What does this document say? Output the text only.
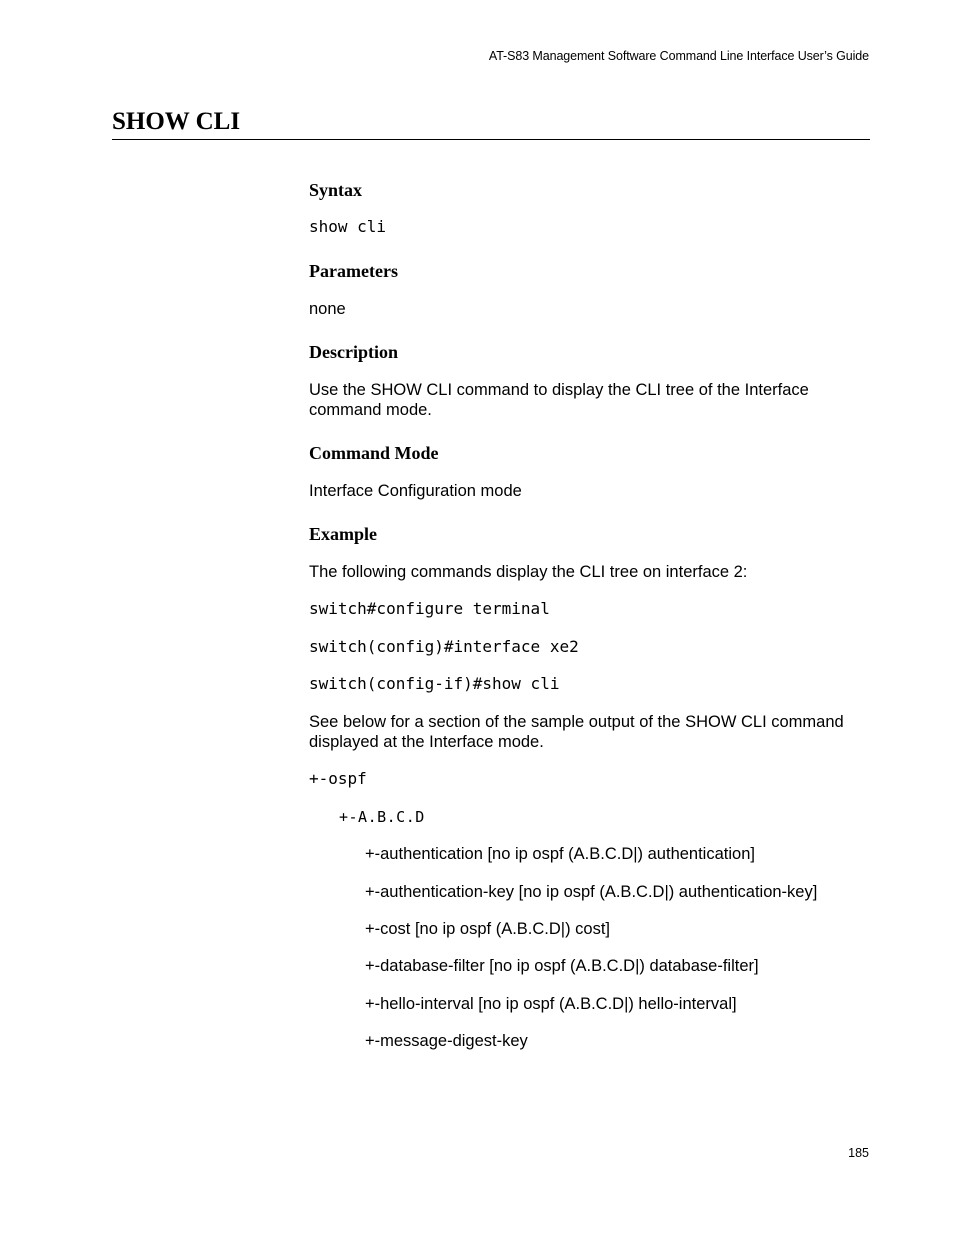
AT-S83 Management Software Command Line Interface User’s Guide
SHOW CLI
Syntax
show cli
Parameters
none
Description
Use the SHOW CLI command to display the CLI tree of the Interface command mode.
Command Mode
Interface Configuration mode
Example
The following commands display the CLI tree on interface 2:
switch#configure terminal
switch(config)#interface xe2
switch(config-if)#show cli
See below for a section of the sample output of the SHOW CLI command displayed at the Interface mode.
+-ospf
+-A.B.C.D
+-authentication [no ip ospf (A.B.C.D|) authentication]
+-authentication-key [no ip ospf (A.B.C.D|) authentication-key]
+-cost [no ip ospf (A.B.C.D|) cost]
+-database-filter [no ip ospf (A.B.C.D|) database-filter]
+-hello-interval [no ip ospf (A.B.C.D|) hello-interval]
+-message-digest-key
185
